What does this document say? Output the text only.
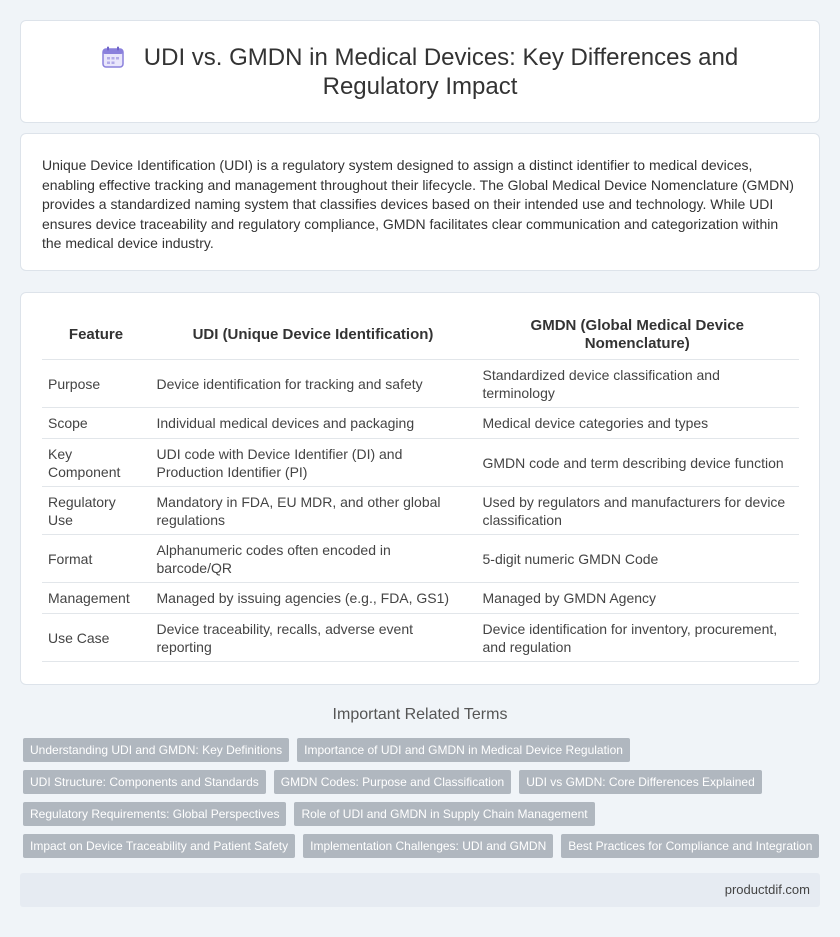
UDI vs. GMDN in Medical Devices: Key Differences and Regulatory Impact

Unique Device Identification (UDI) is a regulatory system designed to assign a distinct identifier to medical devices, enabling effective tracking and management throughout their lifecycle. The Global Medical Device Nomenclature (GMDN) provides a standardized naming system that classifies devices based on their intended use and technology. While UDI ensures device traceability and regulatory compliance, GMDN facilitates clear communication and categorization within the medical device industry.

Feature	UDI (Unique Device Identification)	GMDN (Global Medical Device Nomenclature)
Purpose	Device identification for tracking and safety	Standardized device classification and terminology
Scope	Individual medical devices and packaging	Medical device categories and types
Key Component	UDI code with Device Identifier (DI) and Production Identifier (PI)	GMDN code and term describing device function
Regulatory Use	Mandatory in FDA, EU MDR, and other global regulations	Used by regulators and manufacturers for device classification
Format	Alphanumeric codes often encoded in barcode/QR	5-digit numeric GMDN Code
Management	Managed by issuing agencies (e.g., FDA, GS1)	Managed by GMDN Agency
Use Case	Device traceability, recalls, adverse event reporting	Device identification for inventory, procurement, and regulation
Important Related Terms
Understanding UDI and GMDN: Key Definitions	Importance of UDI and GMDN in Medical Device Regulation
UDI Structure: Components and Standards	GMDN Codes: Purpose and Classification	UDI vs GMDN: Core Differences Explained
Regulatory Requirements: Global Perspectives	Role of UDI and GMDN in Supply Chain Management
Impact on Device Traceability and Patient Safety	Implementation Challenges: UDI and GMDN	Best Practices for Compliance and Integration
productdif.com
